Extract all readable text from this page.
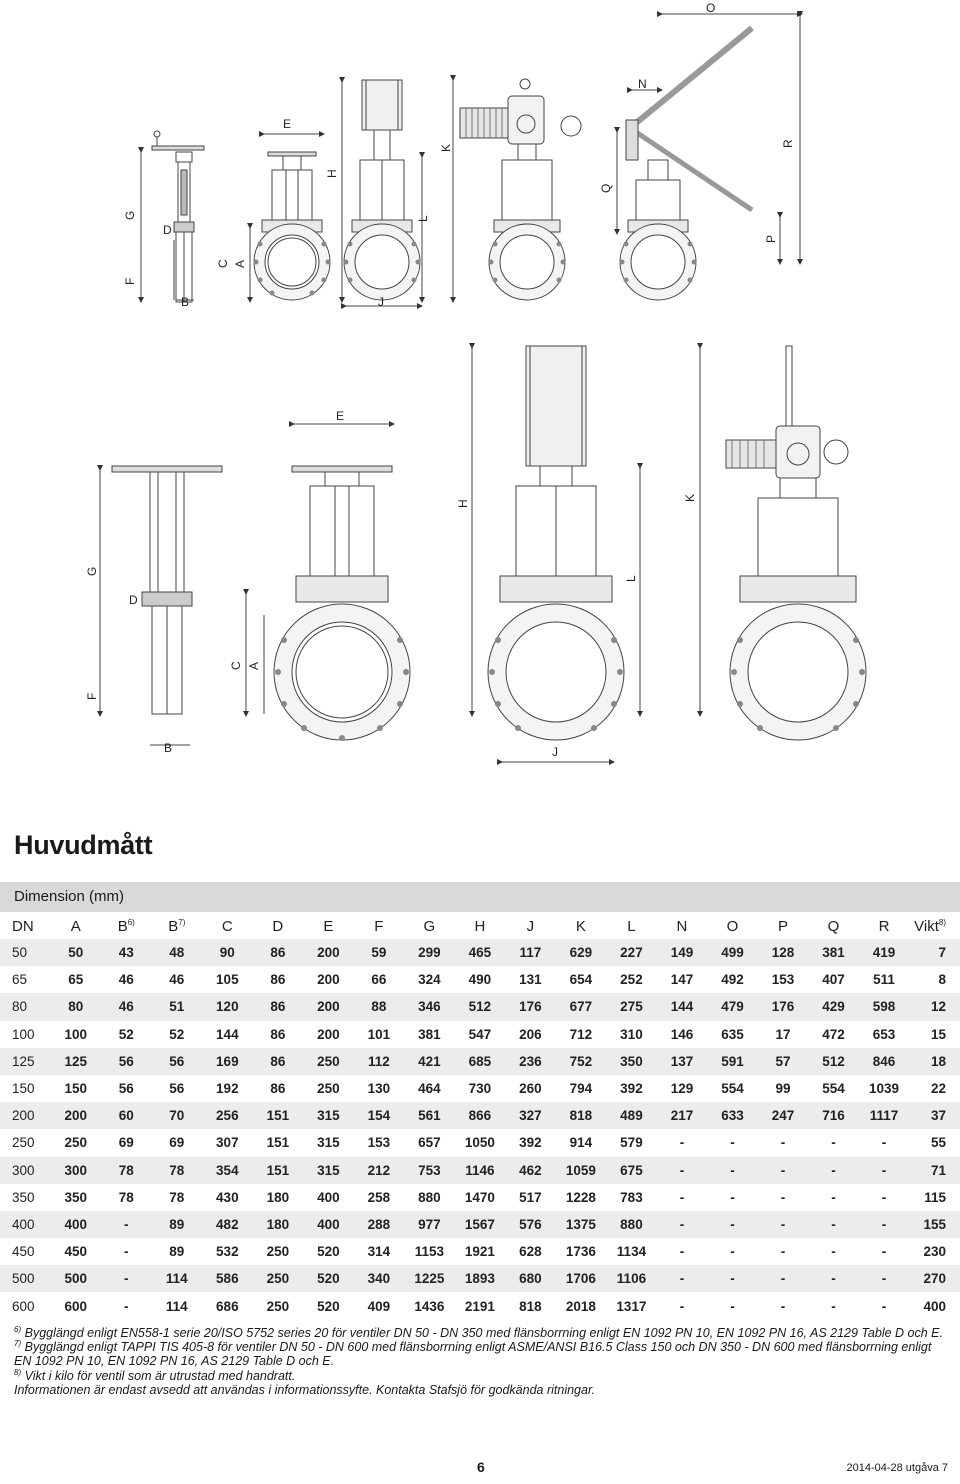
F
G
D
B
C A
E
H
J
K
L
N
O
Q
P
R
G
D
F
B
C A
E
H
J
K
L
Huvudmått
Dimension (mm)
DN	A	$B^{6)}$	$B^{7)}$	C	D	E	F	G	H	J	K	L	N	O	P	Q	R	Vikt$^{8)}$
50	50	43	48	90	86	200	59	299	465	117	629	227	149	499	128	381	419	7
65	65	46	46	105	86	200	66	324	490	131	654	252	147	492	153	407	511	8
80	80	46	51	120	86	200	88	346	512	176	677	275	144	479	176	429	598	12
100	100	52	52	144	86	200	101	381	547	206	712	310	146	635	17	472	653	15
125	125	56	56	169	86	250	112	421	685	236	752	350	137	591	57	512	846	18
150	150	56	56	192	86	250	130	464	730	260	794	392	129	554	99	554	1039	22
200	200	60	70	256	151	315	154	561	866	327	818	489	217	633	247	716	1117	37
250	250	69	69	307	151	315	153	657	1050	392	914	579	-	-	-	-	-	55
300	300	78	78	354	151	315	212	753	1146	462	1059	675	-	-	-	-	-	71
350	350	78	78	430	180	400	258	880	1470	517	1228	783	-	-	-	-	-	115
400	400	-	89	482	180	400	288	977	1567	576	1375	880	-	-	-	-	-	155
450	450	-	89	532	250	520	314	1153	1921	628	1736	1134	-	-	-	-	-	230
500	500	-	114	586	250	520	340	1225	1893	680	1706	1106	-	-	-	-	-	270
600	600	-	114	686	250	520	409	1436	2191	818	2018	1317	-	-	-	-	-	400

$^{6)}$ Bygglängd enligt EN558-1 serie 20/ISO 5752 series 20 för ventiler DN 50 - DN 350 med flänsborrning enligt EN 1092 PN 10, EN 1092 PN 16, AS 2129 Table D och E.

$^{7)}$ Bygglängd enligt TAPPI TIS 405-8 för ventiler DN 50 - DN 600 med flänsborrning enligt ASME/ANSI B16.5 Class 150 och DN 350 - DN 600 med flänsborrning enligt EN 1092 PN 10, EN 1092 PN 16, AS 2129 Table D och E.

$^{8)}$ Vikt i kilo för ventil som är utrustad med handratt.

Informationen är endast avsedd att användas i informationssyfte. Kontakta Stafsjö för godkända ritningar.

6	2014-04-28 utgåva 7
